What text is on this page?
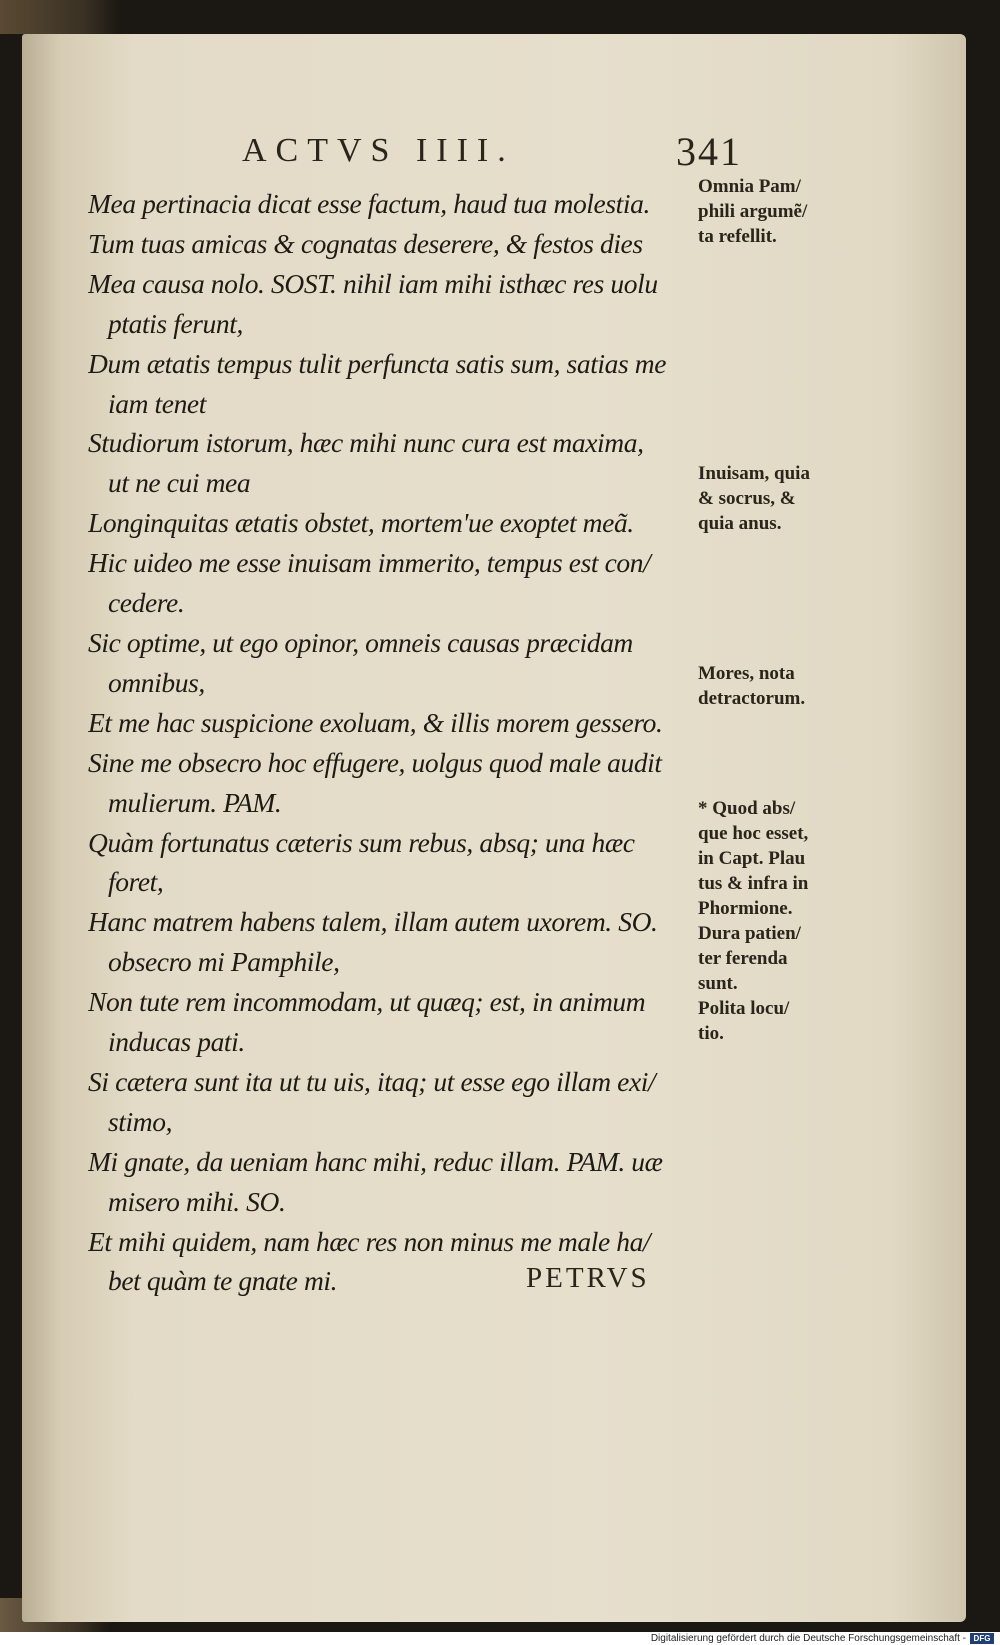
ACTVS IIII.	341
Mea pertinacia dicat esse factum, haud tua molestia.
Tum tuas amicas & cognatas deserere, & festos dies
Mea causa nolo. SOST. nihil iam mihi isthæc res uolu
ptatis ferunt,
Dum ætatis tempus tulit perfuncta satis sum, satias me
iam tenet
Studiorum istorum, hæc mihi nunc cura est maxima,
ut ne cui mea
Longinquitas ætatis obstet, mortem'ue exoptet meã.
Hic uideo me esse inuisam immerito, tempus est con/
cedere.
Sic optime, ut ego opinor, omneis causas præcidam
omnibus,
Et me hac suspicione exoluam, & illis morem gessero.
Sine me obsecro hoc effugere, uolgus quod male audit
mulierum. PAM.
Quàm fortunatus cæteris sum rebus, absq; una hæc
foret,
Hanc matrem habens talem, illam autem uxorem. SO.
obsecro mi Pamphile,
Non tute rem incommodam, ut quæq; est, in animum
inducas pati.
Si cætera sunt ita ut tu uis, itaq; ut esse ego illam exi/
stimo,
Mi gnate, da ueniam hanc mihi, reduc illam. PAM. uæ
misero mihi. SO.
Et mihi quidem, nam hæc res non minus me male ha/
bet quàm te gnate mi.
Omnia Pam/
phili argumẽ/
ta refellit.
Inuisam, quia
& socrus, &
quia anus.
Mores, nota
detractorum.
* Quod abs/
que hoc esset,
in Capt. Plau
tus & infra in
Phormione.
Dura patien/
ter ferenda
sunt.
Polita locu/
tio.
PETRVS
Digitalisierung gefördert durch die Deutsche Forschungsgemeinschaft - DFG
